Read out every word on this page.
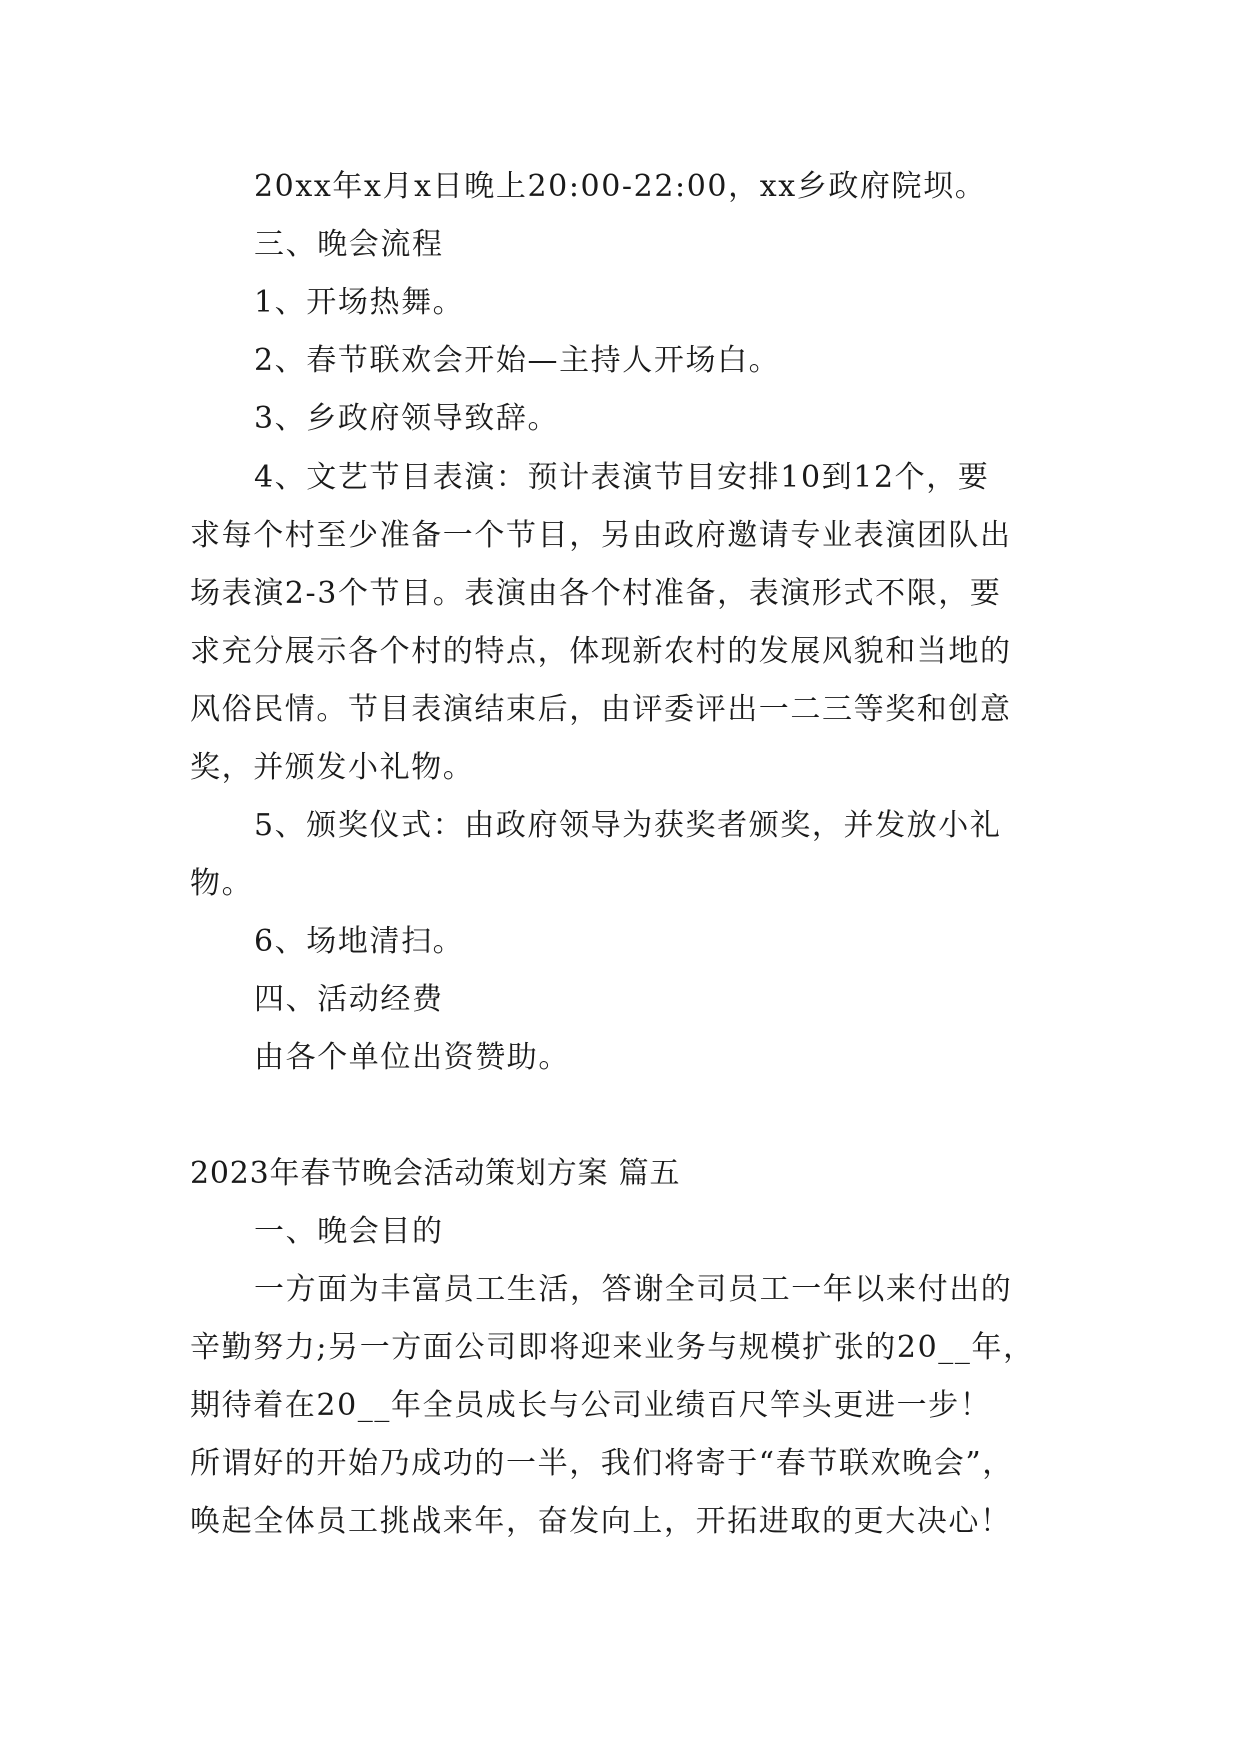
20xx年x月x日晚上20:00-22:00，xx乡政府院坝。
三、晚会流程
1、开场热舞。
2、春节联欢会开始—主持人开场白。
3、乡政府领导致辞。
4、文艺节目表演：预计表演节目安排10到12个，要
求每个村至少准备一个节目，另由政府邀请专业表演团队出
场表演2-3个节目。表演由各个村准备，表演形式不限，要
求充分展示各个村的特点，体现新农村的发展风貌和当地的
风俗民情。节目表演结束后，由评委评出一二三等奖和创意
奖，并颁发小礼物。
5、颁奖仪式：由政府领导为获奖者颁奖，并发放小礼
物。
6、场地清扫。
四、活动经费
由各个单位出资赞助。
2023年春节晚会活动策划方案 篇五
一、晚会目的
一方面为丰富员工生活，答谢全司员工一年以来付出的
辛勤努力;另一方面公司即将迎来业务与规模扩张的20__年，
期待着在20__年全员成长与公司业绩百尺竿头更进一步！
所谓好的开始乃成功的一半，我们将寄于“春节联欢晚会”，
唤起全体员工挑战来年，奋发向上，开拓进取的更大决心！
